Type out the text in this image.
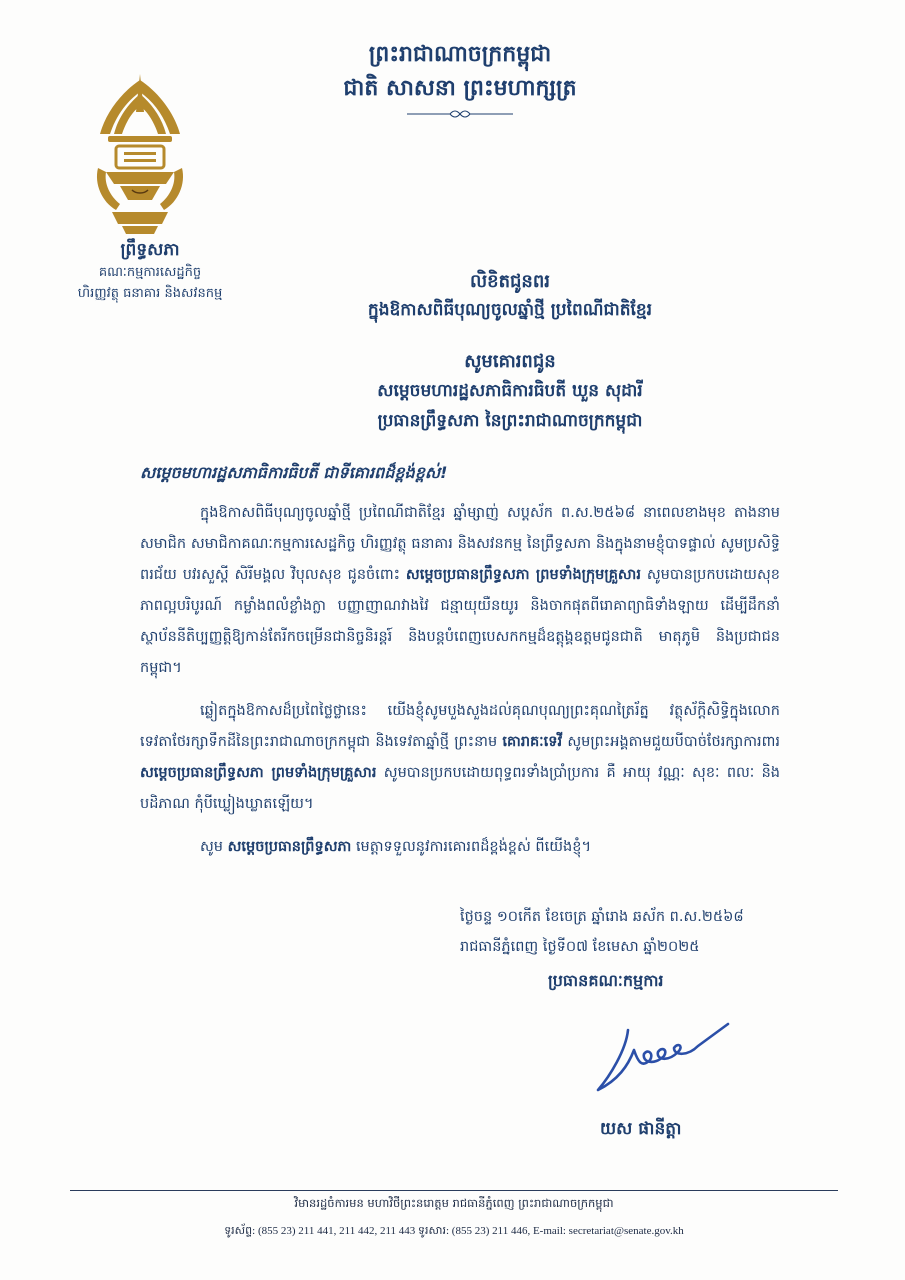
ព្រះរាជាណាចក្រកម្ពុជា
ជាតិ សាសនា ព្រះមហាក្សត្រ
ព្រឹទ្ធសភា
គណៈកម្មការសេដ្ឋកិច្ច
ហិរញ្ញវត្ថុ ធនាគារ និងសវនកម្ម
លិខិតជូនពរ
ក្នុងឱកាសពិធីបុណ្យចូលឆ្នាំថ្មី ប្រពៃណីជាតិខ្មែរ
សូមគោរពជូន
សម្តេចមហារដ្ឋសភាធិការធិបតី ឃួន សុដារី
ប្រធានព្រឹទ្ធសភា នៃព្រះរាជាណាចក្រកម្ពុជា
សម្តេចមហារដ្ឋសភាធិការធិបតី ជាទីគោរពដ៏ខ្ពង់ខ្ពស់!

ក្នុងឱកាសពិធីបុណ្យចូលឆ្នាំថ្មី ប្រពៃណីជាតិខ្មែរ ឆ្នាំម្សាញ់ សប្តស័ក ព.ស.២៥៦៨ នាពេលខាងមុខ តាងនាម សមាជិក សមាជិកាគណៈកម្មការសេដ្ឋកិច្ច ហិរញ្ញវត្ថុ ធនាគារ និងសវនកម្ម នៃព្រឹទ្ធសភា និងក្នុងនាមខ្ញុំបាទផ្ទាល់ សូមប្រសិទ្ធិពរជ័យ បវរសួស្តី សិរីមង្គល វិបុលសុខ ជូនចំពោះ សម្តេចប្រធានព្រឹទ្ធសភា ព្រមទាំងក្រុមគ្រួសារ សូមបានប្រកបដោយសុខភាពល្អបរិបូរណ៍ កម្លាំងពលំខ្លាំងក្លា បញ្ញាញាណវាងវៃ ជន្មាយុយឺនយូរ និងចាកផុតពីរោគាព្យាធិទាំងឡាយ ដើម្បីដឹកនាំស្ថាប័ននីតិប្បញ្ញត្តិឱ្យកាន់តែរីកចម្រើនជានិច្ចនិរន្តរ៍ និងបន្តបំពេញបេសកកម្មដ៏ឧត្តុង្គឧត្តមជូនជាតិ មាតុភូមិ និងប្រជាជនកម្ពុជា។

ឆ្លៀតក្នុងឱកាសដ៏ប្រពៃថ្លៃថ្លានេះ យើងខ្ញុំសូមបួងសួងដល់គុណបុណ្យព្រះគុណត្រៃរ័ត្ន វត្ថុស័ក្តិសិទ្ធិក្នុងលោក ទេវតាថែរក្សាទឹកដីនៃព្រះរាជាណាចក្រកម្ពុជា និងទេវតាឆ្នាំថ្មី ព្រះនាម គោរាគៈទេវី សូមព្រះអង្គតាមជួយបីបាច់ថែរក្សាការពារ សម្តេចប្រធានព្រឹទ្ធសភា ព្រមទាំងក្រុមគ្រួសារ សូមបានប្រកបដោយពុទ្ធពរទាំងប្រាំប្រការ គឺ អាយុ វណ្ណៈ សុខៈ ពលៈ និងបដិភាណ កុំបីឃ្លៀងឃ្លាតឡើយ។

សូម សម្តេចប្រធានព្រឹទ្ធសភា មេត្តាទទួលនូវការគោរពដ៏ខ្ពង់ខ្ពស់ ពីយើងខ្ញុំ។

ថ្ងៃចន្ទ ១០កើត ខែចេត្រ ឆ្នាំរោង ឆស័ក ព.ស.២៥៦៨
រាជធានីភ្នំពេញ ថ្ងៃទី០៧ ខែមេសា ឆ្នាំ២០២៥
ប្រធានគណៈកម្មការ
យស ផានីត្តា
វិមានរដ្ឋចំការមន មហាវិថីព្រះនរោត្តម រាជធានីភ្នំពេញ ព្រះរាជាណាចក្រកម្ពុជា
ទូរស័ព្ទ: (855 23) 211 441, 211 442, 211 443 ទូរសារ: (855 23) 211 446, E-mail: secretariat@senate.gov.kh
